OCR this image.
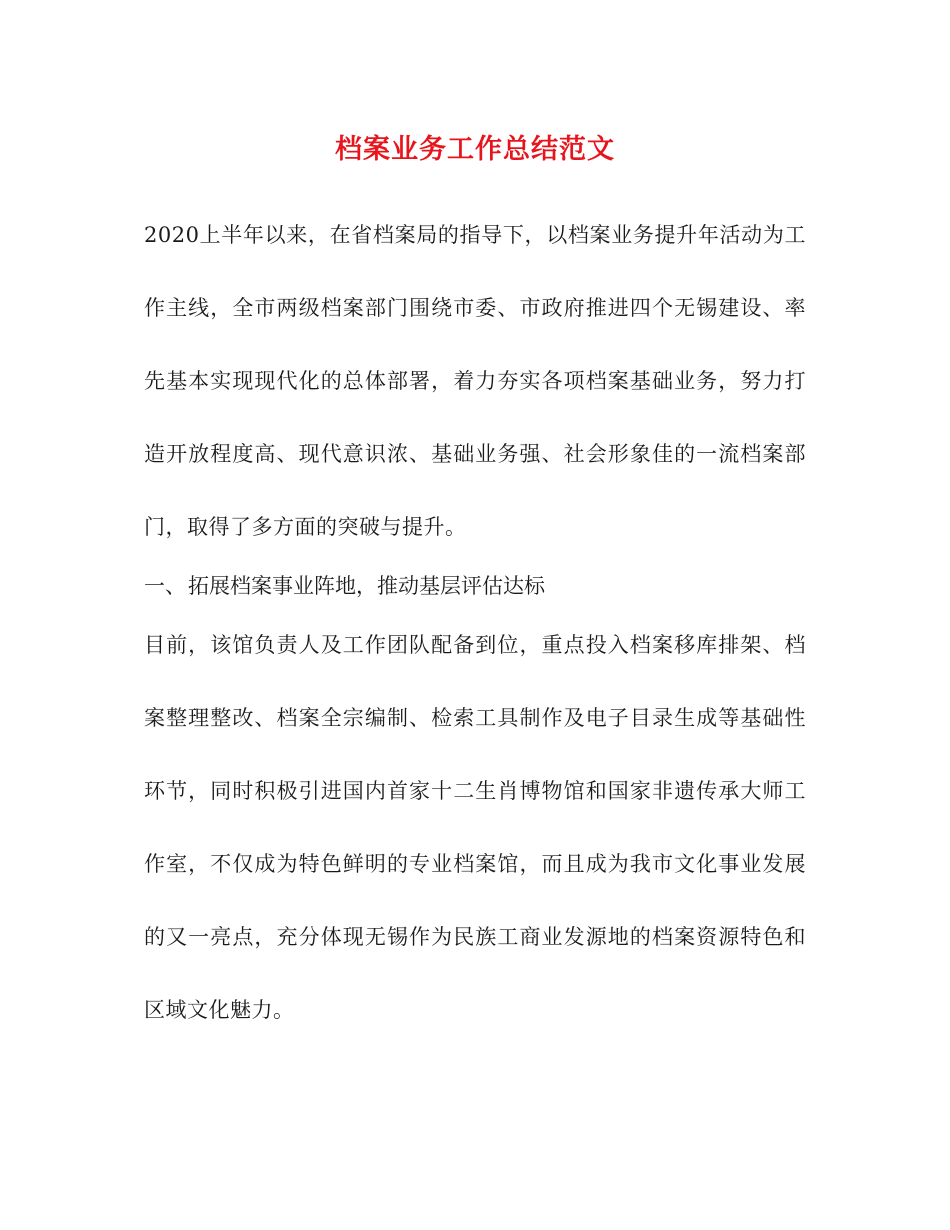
档案业务工作总结范文
2020上半年以来，在省档案局的指导下，以档案业务提升年活动为工作主线，全市两级档案部门围绕市委、市政府推进四个无锡建设、率先基本实现现代化的总体部署，着力夯实各项档案基础业务，努力打造开放程度高、现代意识浓、基础业务强、社会形象佳的一流档案部门，取得了多方面的突破与提升。
一、拓展档案事业阵地，推动基层评估达标
目前，该馆负责人及工作团队配备到位，重点投入档案移库排架、档案整理整改、档案全宗编制、检索工具制作及电子目录生成等基础性环节，同时积极引进国内首家十二生肖博物馆和国家非遗传承大师工作室，不仅成为特色鲜明的专业档案馆，而且成为我市文化事业发展的又一亮点，充分体现无锡作为民族工商业发源地的档案资源特色和区域文化魅力。
